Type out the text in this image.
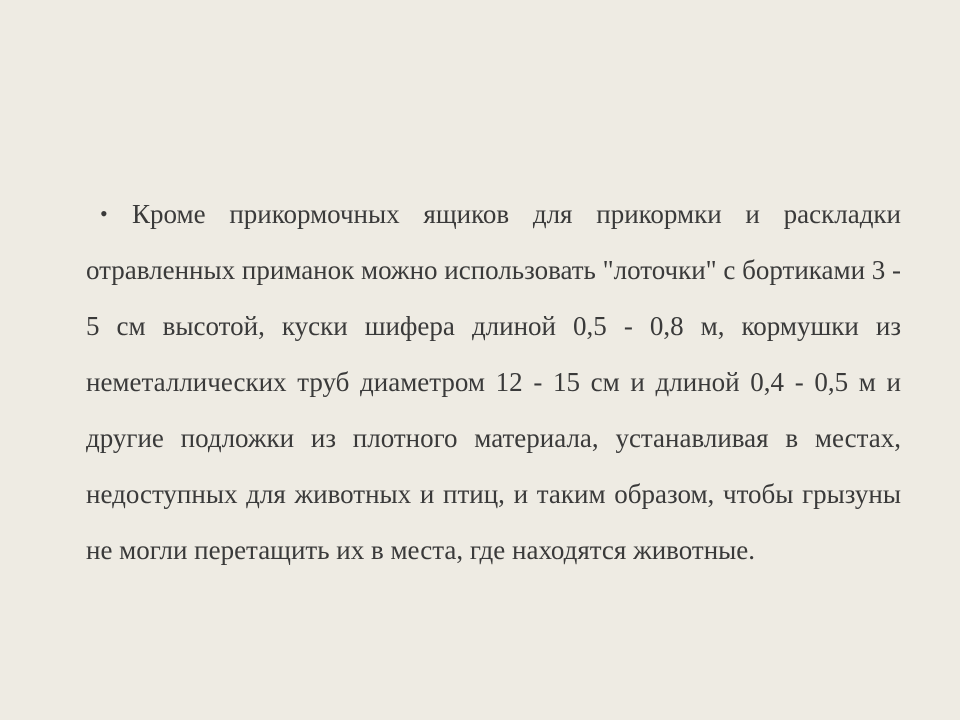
• Кроме прикормочных ящиков для прикормки и раскладки отравленных приманок можно использовать "лоточки" с бортиками 3 - 5 см высотой, куски шифера длиной 0,5 - 0,8 м, кормушки из неметаллических труб диаметром 12 - 15 см и длиной 0,4 - 0,5 м и другие подложки из плотного материала, устанавливая в местах, недоступных для животных и птиц, и таким образом, чтобы грызуны не могли перетащить их в места, где находятся животные.
